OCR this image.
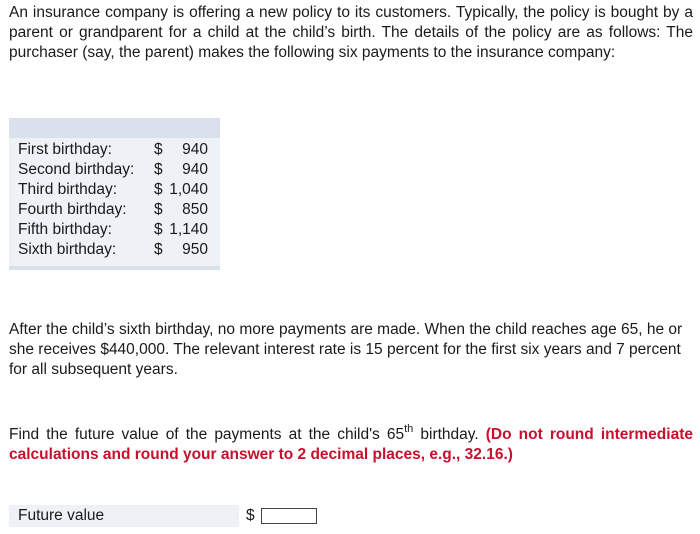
An insurance company is offering a new policy to its customers. Typically, the policy is bought by a parent or grandparent for a child at the child’s birth. The details of the policy are as follows: The purchaser (say, the parent) makes the following six payments to the insurance company:

First birthday:	$	940
Second birthday:	$	940
Third birthday:	$ 1,040
Fourth birthday:	$	850
Fifth birthday:	$ 1,140
Sixth birthday:	$	950

After the child’s sixth birthday, no more payments are made. When the child reaches age 65, he or she receives $440,000. The relevant interest rate is 15 percent for the first six years and 7 percent for all subsequent years.

Find the future value of the payments at the child's 65th birthday. (Do not round intermediate calculations and round your answer to 2 decimal places, e.g., 32.16.)

Future value	$
